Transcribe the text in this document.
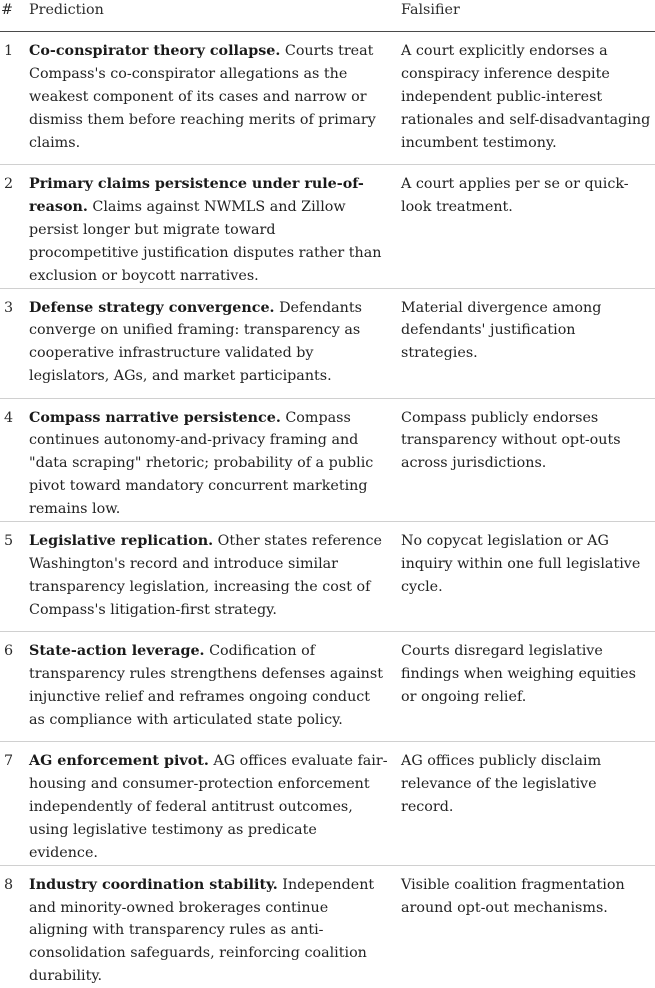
#	Prediction	Falsifier
1	Co-conspirator theory collapse. Courts treat Compass's co-conspirator allegations as the weakest component of its cases and narrow or dismiss them before reaching merits of primary claims.	A court explicitly endorses a conspiracy inference despite independent public-interest rationales and self-disadvantaging incumbent testimony.
2	Primary claims persistence under rule-of-reason. Claims against NWMLS and Zillow persist longer but migrate toward procompetitive justification disputes rather than exclusion or boycott narratives.	A court applies per se or quick-look treatment.
3	Defense strategy convergence. Defendants converge on unified framing: transparency as cooperative infrastructure validated by legislators, AGs, and market participants.	Material divergence among defendants' justification strategies.
4	Compass narrative persistence. Compass continues autonomy-and-privacy framing and "data scraping" rhetoric; probability of a public pivot toward mandatory concurrent marketing remains low.	Compass publicly endorses transparency without opt-outs across jurisdictions.
5	Legislative replication. Other states reference Washington's record and introduce similar transparency legislation, increasing the cost of Compass's litigation-first strategy.	No copycat legislation or AG inquiry within one full legislative cycle.
6	State-action leverage. Codification of transparency rules strengthens defenses against injunctive relief and reframes ongoing conduct as compliance with articulated state policy.	Courts disregard legislative findings when weighing equities or ongoing relief.
7	AG enforcement pivot. AG offices evaluate fair-housing and consumer-protection enforcement independently of federal antitrust outcomes, using legislative testimony as predicate evidence.	AG offices publicly disclaim relevance of the legislative record.
8	Industry coordination stability. Independent and minority-owned brokerages continue aligning with transparency rules as anti-consolidation safeguards, reinforcing coalition durability.	Visible coalition fragmentation around opt-out mechanisms.
